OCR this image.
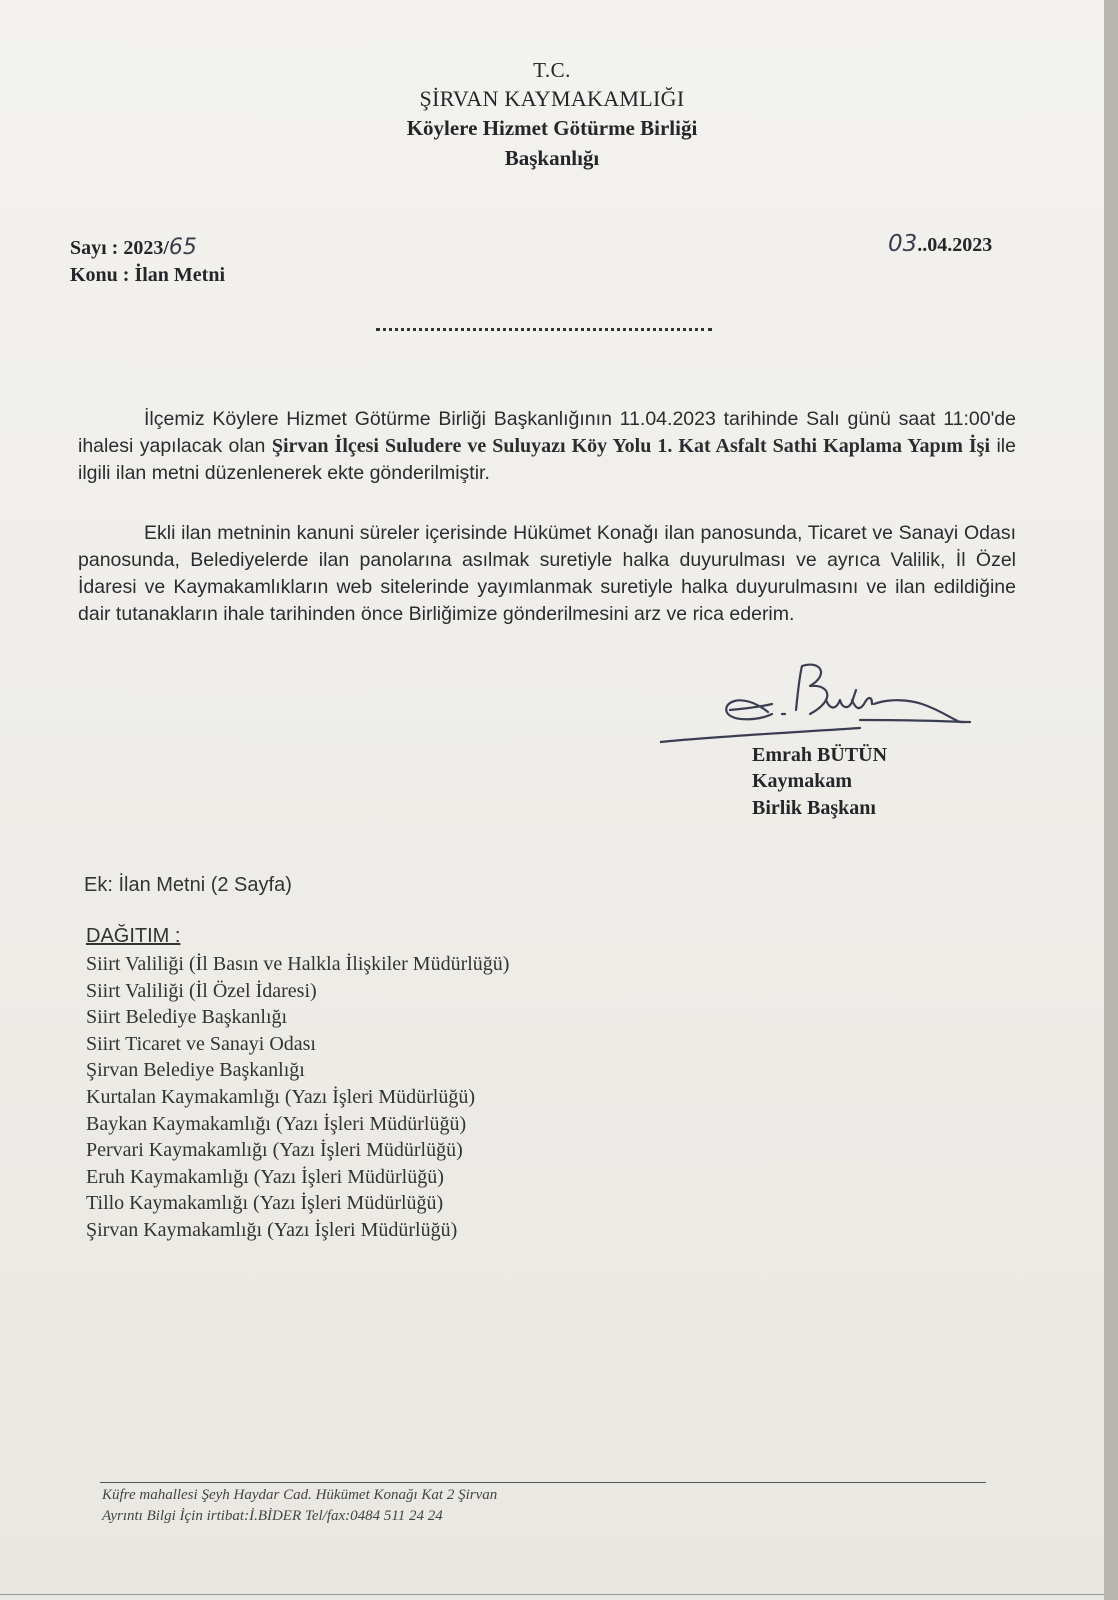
T.C.
ŞİRVAN KAYMAKAMLIĞI
Köylere Hizmet Götürme Birliği
Başkanlığı
Sayı : 2023/65
Konu : İlan Metni
03..04.2023
İlçemiz Köylere Hizmet Götürme Birliği Başkanlığının 11.04.2023 tarihinde Salı günü saat 11:00'de ihalesi yapılacak olan Şirvan İlçesi Suludere ve Suluyazı Köy Yolu 1. Kat Asfalt Sathi Kaplama Yapım İşi ile ilgili ilan metni düzenlenerek ekte gönderilmiştir.
Ekli ilan metninin kanuni süreler içerisinde Hükümet Konağı ilan panosunda, Ticaret ve Sanayi Odası panosunda, Belediyelerde ilan panolarına asılmak suretiyle halka duyurulması ve ayrıca Valilik, İl Özel İdaresi ve Kaymakamlıkların web sitelerinde yayımlanmak suretiyle halka duyurulmasını ve ilan edildiğine dair tutanakların ihale tarihinden önce Birliğimize gönderilmesini arz ve rica ederim.
Emrah BÜTÜN
Kaymakam
Birlik Başkanı
Ek: İlan Metni (2 Sayfa)
DAĞITIM :
Siirt Valiliği (İl Basın ve Halkla İlişkiler Müdürlüğü)
Siirt Valiliği (İl Özel İdaresi)
Siirt Belediye Başkanlığı
Siirt Ticaret ve Sanayi Odası
Şirvan Belediye Başkanlığı
Kurtalan Kaymakamlığı (Yazı İşleri Müdürlüğü)
Baykan Kaymakamlığı (Yazı İşleri Müdürlüğü)
Pervari Kaymakamlığı (Yazı İşleri Müdürlüğü)
Eruh Kaymakamlığı (Yazı İşleri Müdürlüğü)
Tillo Kaymakamlığı (Yazı İşleri Müdürlüğü)
Şirvan Kaymakamlığı (Yazı İşleri Müdürlüğü)
Küfre mahallesi Şeyh Haydar Cad. Hükümet Konağı Kat 2 Şirvan
Ayrıntı Bilgi İçin irtibat:İ.BİDER Tel/fax:0484 511 24 24
